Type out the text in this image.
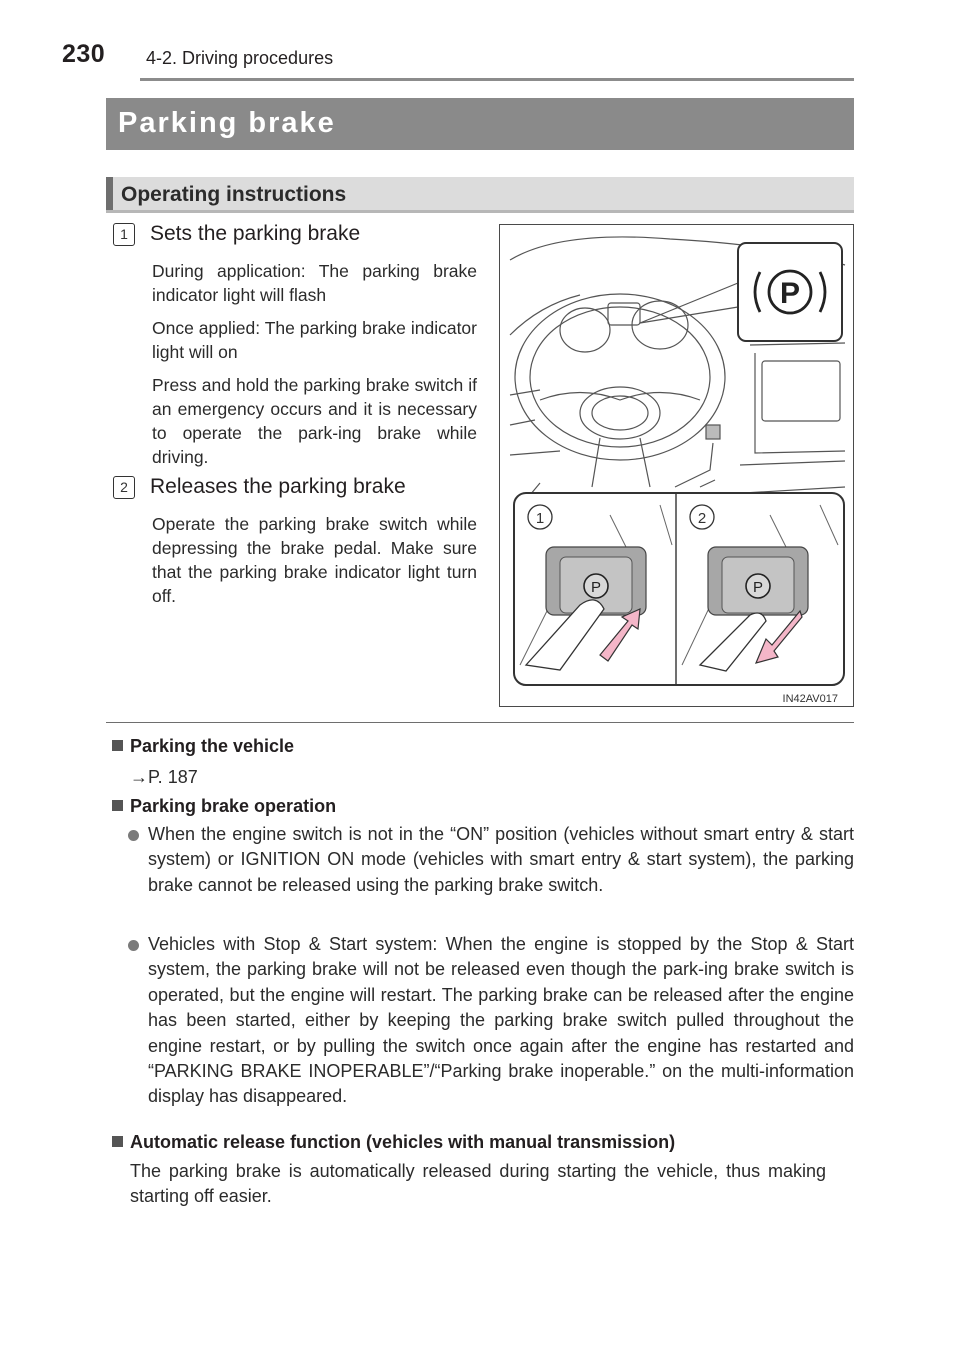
230 4-2. Driving procedures
Parking brake
Operating instructions
1	Sets the parking brake

During application: The parking brake indicator light will flash

Once applied: The parking brake indicator light will on

Press and hold the parking brake switch if an emergency occurs and it is necessary to operate the park-ing brake while driving.

2	Releases the parking brake

Operate the parking brake switch while depressing the brake pedal. Make sure that the parking brake indicator light turn off.

P
P	P
1	2
IN42AV017
Parking the vehicle
→P. 187
Parking brake operation
When the engine switch is not in the “ON” position (vehicles without smart entry & start system) or IGNITION ON mode (vehicles with smart entry & start system), the parking brake cannot be released using the parking brake switch.
Vehicles with Stop & Start system: When the engine is stopped by the Stop & Start system, the parking brake will not be released even though the park-ing brake switch is operated, but the engine will restart. The parking brake can be released after the engine has been started, either by keeping the parking brake switch pulled throughout the engine restart, or by pulling the switch once again after the engine has restarted and “PARKING BRAKE INOPERABLE”/“Parking brake inoperable.” on the multi-information display has disappeared.
Automatic release function (vehicles with manual transmission)
The parking brake is automatically released during starting the vehicle, thus making starting off easier.
